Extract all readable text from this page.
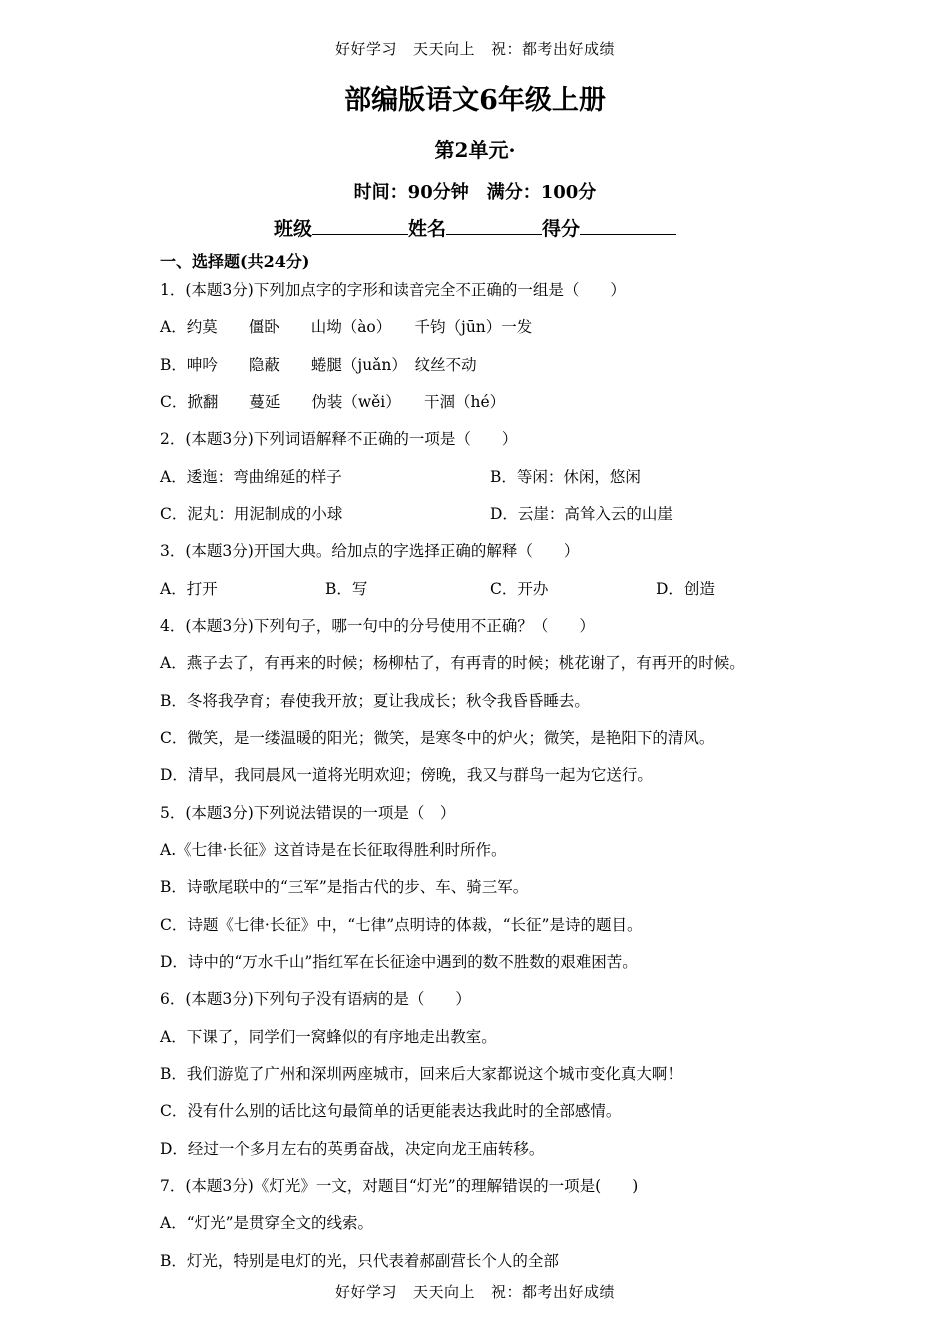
好好学习 天天向上 祝：都考出好成绩
部编版语文6年级上册
第2单元·
时间：90分钟 满分：100分
班级	姓名	得分
一、选择题(共24分)
1．(本题3分)下列加点字的字形和读音完全不正确的一组是（　　）
A．约莫　　僵卧　　山坳（ào）　　千钧（jūn）一发
B．呻吟　　隐蔽　　蜷腿（juǎn）　纹丝不动
C．掀翻　　蔓延　　伪装（wěi）　　干涸（hé）
2．(本题3分)下列词语解释不正确的一项是（　　）
A．逶迤：弯曲绵延的样子	B．等闲：休闲，悠闲
C．泥丸：用泥制成的小球	D．云崖：高耸入云的山崖
3．(本题3分)开国大典。给加点的字选择正确的解释（　　）
A．打开	B．写	C．开办	D．创造
4．(本题3分)下列句子，哪一句中的分号使用不正确？（　　）
A．燕子去了，有再来的时候；杨柳枯了，有再青的时候；桃花谢了，有再开的时候。
B．冬将我孕育；春使我开放；夏让我成长；秋令我昏昏睡去。
C．微笑，是一缕温暖的阳光；微笑，是寒冬中的炉火；微笑，是艳阳下的清风。
D．清早，我同晨风一道将光明欢迎；傍晚，我又与群鸟一起为它送行。
5．(本题3分)下列说法错误的一项是（　）
A.《七律·长征》这首诗是在长征取得胜利时所作。
B．诗歌尾联中的“三军”是指古代的步、车、骑三军。
C．诗题《七律·长征》中，“七律”点明诗的体裁，“长征”是诗的题目。
D．诗中的“万水千山”指红军在长征途中遇到的数不胜数的艰难困苦。
6．(本题3分)下列句子没有语病的是（　　）
A．下课了，同学们一窝蜂似的有序地走出教室。
B．我们游览了广州和深圳两座城市，回来后大家都说这个城市变化真大啊！
C．没有什么别的话比这句最简单的话更能表达我此时的全部感情。
D．经过一个多月左右的英勇奋战，决定向龙王庙转移。
7．(本题3分)《灯光》一文，对题目“灯光”的理解错误的一项是(　　)
A．“灯光”是贯穿全文的线索。
B．灯光，特别是电灯的光，只代表着郝副营长个人的全部
好好学习 天天向上 祝：都考出好成绩
